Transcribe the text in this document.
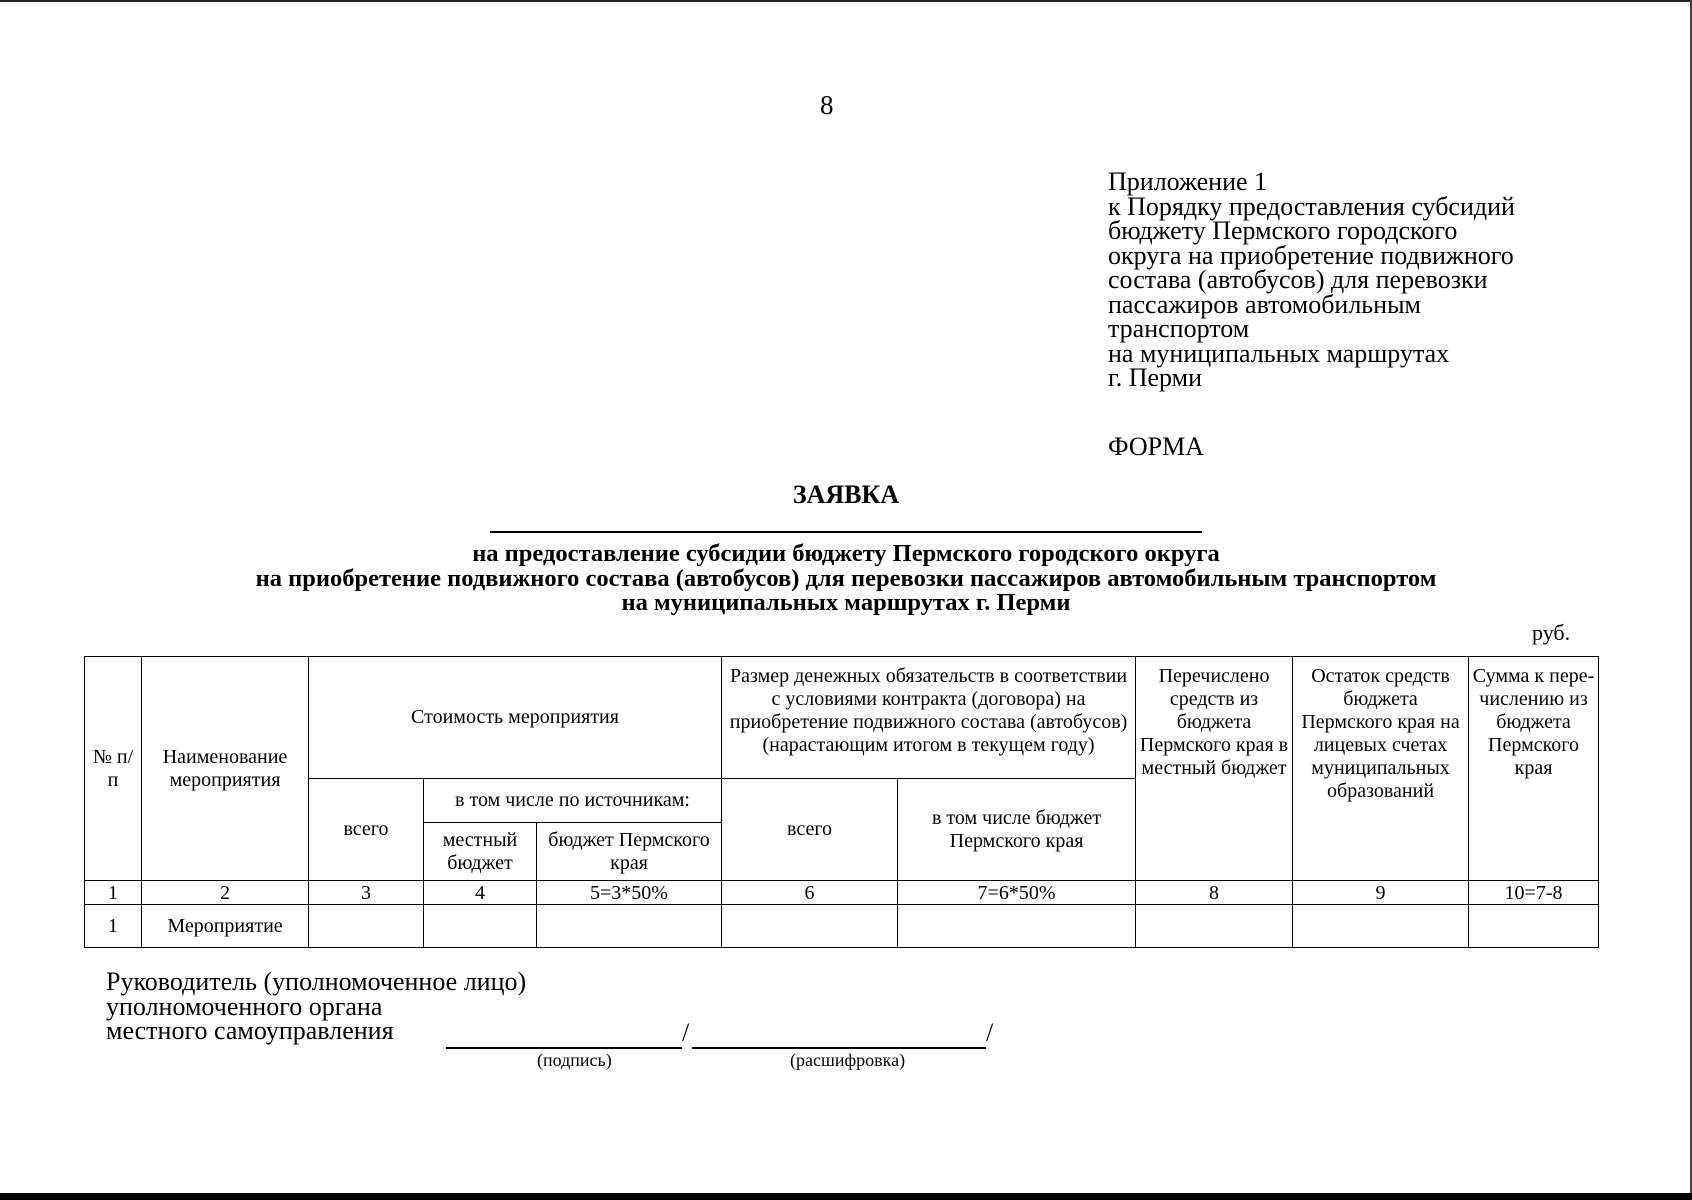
8
Приложение 1
к Порядку предоставления субсидий
бюджету Пермского городского
округа на приобретение подвижного
состава (автобусов) для перевозки
пассажиров автомобильным
транспортом
на муниципальных маршрутах
г. Перми
ФОРМА
ЗАЯВКА
на предоставление субсидии бюджету Пермского городского округа
на приобретение подвижного состава (автобусов) для перевозки пассажиров автомобильным транспортом
на муниципальных маршрутах г. Перми
руб.
№ п/п	Наименование мероприятия	Стоимость мероприятия			Размер денежных обязательств в соответствии с условиями контракта (договора) на приобретение подвижного состава (автобусов) (нарастающим итогом в текущем году)		Перечислено средств из бюджета Пермского края в местный бюджет	Остаток средств бюджета Пермского края на лицевых счетах муниципальных образований	Сумма к пере-числению из бюджета Пермского края
		всего	в том числе по источникам:		всего	в том числе бюджет Пермского края			
			местный бюджет	бюджет Пермского края					
1	2	3	4	5=3*50%	6	7=6*50%	8	9	10=7-8
1	Мероприятие								
Руководитель (уполномоченное лицо)
уполномоченного органа
местного самоуправления	/	/
(подпись)	(расшифровка)
